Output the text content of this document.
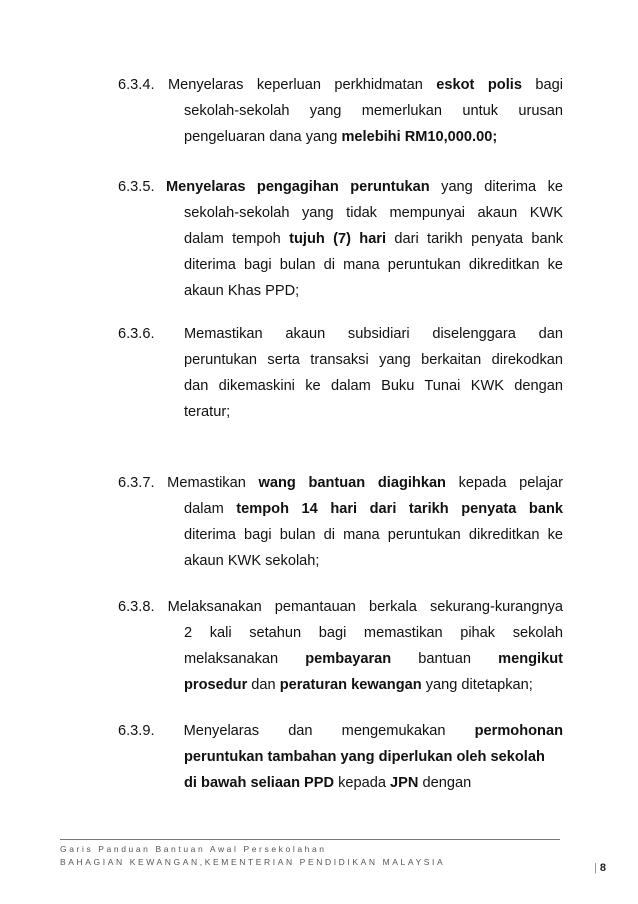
6.3.4. Menyelaras keperluan perkhidmatan eskot polis bagi
sekolah-sekolah yang memerlukan untuk urusan
pengeluaran dana yang melebihi RM10,000.00;
6.3.5. Menyelaras pengagihan peruntukan yang diterima ke
sekolah-sekolah yang tidak mempunyai akaun KWK
dalam tempoh tujuh (7) hari dari tarikh penyata bank
diterima bagi bulan di mana peruntukan dikreditkan ke
akaun Khas PPD;
6.3.6. Memastikan akaun subsidiari diselenggara dan
peruntukan serta transaksi yang berkaitan direkodkan
dan dikemaskini ke dalam Buku Tunai KWK dengan
teratur;
6.3.7. Memastikan wang bantuan diagihkan kepada pelajar
dalam tempoh 14 hari dari tarikh penyata bank
diterima bagi bulan di mana peruntukan dikreditkan ke
akaun KWK sekolah;
6.3.8. Melaksanakan pemantauan berkala sekurang-kurangnya
2 kali setahun bagi memastikan pihak sekolah
melaksanakan pembayaran bantuan mengikut
prosedur dan peraturan kewangan yang ditetapkan;
6.3.9. Menyelaras dan mengemukakan permohonan
peruntukan tambahan yang diperlukan oleh sekolah
di bawah seliaan PPD kepada JPN dengan
Garis Panduan Bantuan Awal Persekolahan
BAHAGIAN KEWANGAN,KEMENTERIAN PENDIDIKAN MALAYSIA	| 8
